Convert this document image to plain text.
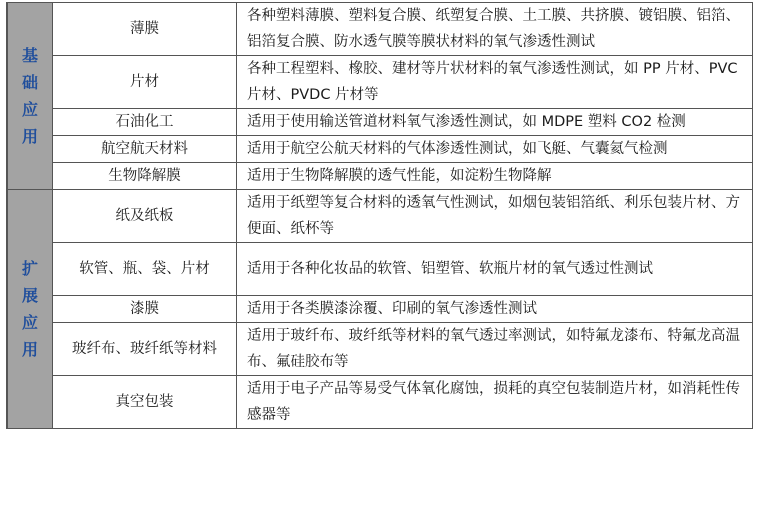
基
础
应
用	薄膜	各种塑料薄膜、塑料复合膜、纸塑复合膜、土工膜、共挤膜、镀铝膜、铝箔、铝箔复合膜、防水透气膜等膜状材料的氧气渗透性测试
	片材	各种工程塑料、橡胶、建材等片状材料的氧气渗透性测试，如 PP 片材、PVC 片材、PVDC 片材等
	石油化工	适用于使用输送管道材料氧气渗透性测试，如 MDPE 塑料 CO2 检测
	航空航天材料	适用于航空公航天材料的气体渗透性测试，如飞艇、气囊氦气检测
	生物降解膜	适用于生物降解膜的透气性能，如淀粉生物降解

扩
展
应
用	纸及纸板	适用于纸塑等复合材料的透氧气性测试，如烟包装铝箔纸、利乐包装片材、方便面、纸杯等
	软管、瓶、袋、片材	适用于各种化妆品的软管、铝塑管、软瓶片材的氧气透过性测试
	漆膜	适用于各类膜漆涂覆、印刷的氧气渗透性测试
	玻纤布、玻纤纸等材料	适用于玻纤布、玻纤纸等材料的氧气透过率测试，如特氟龙漆布、特氟龙高温布、氟硅胶布等
	真空包装	适用于电子产品等易受气体氧化腐蚀，损耗的真空包装制造片材，如消耗性传感器等
